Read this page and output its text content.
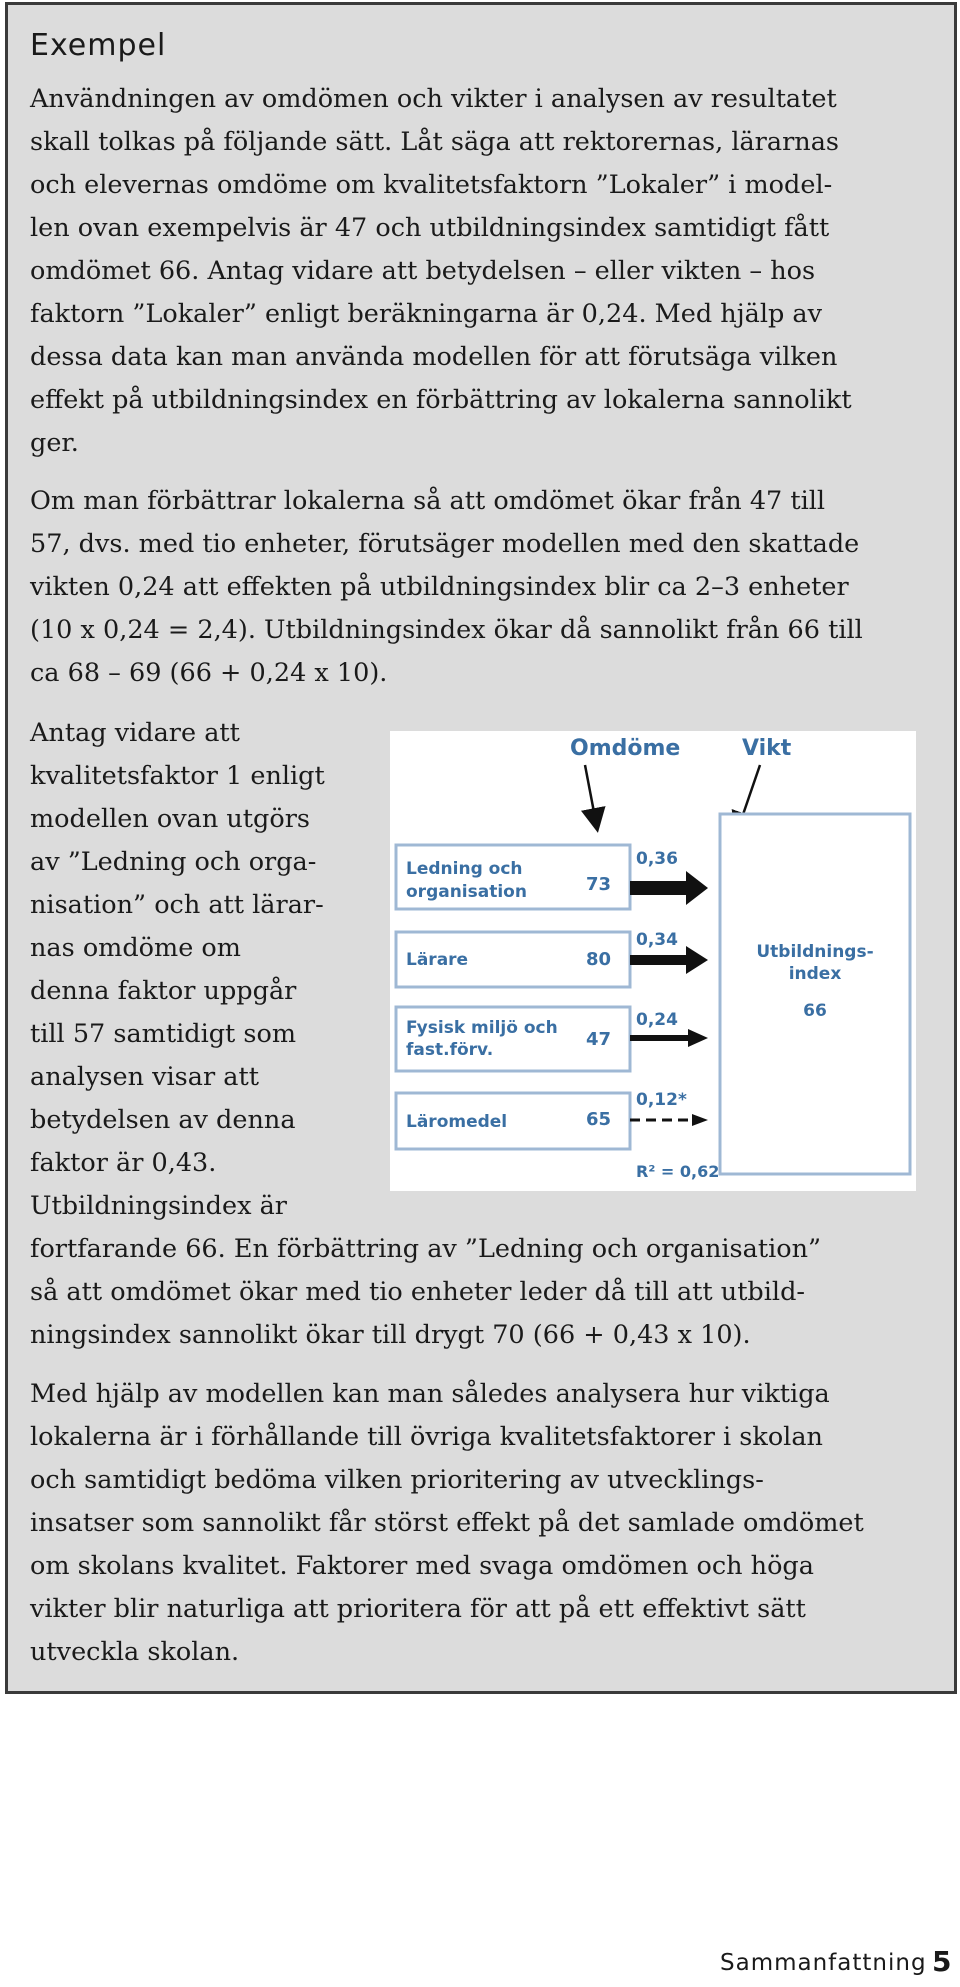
Exempel
Användningen av omdömen och vikter i analysen av resultatet
skall tolkas på följande sätt. Låt säga att rektorernas, lärarnas
och elevernas omdöme om kvalitetsfaktorn ”Lokaler” i model-
len ovan exempelvis är 47 och utbildningsindex samtidigt fått
omdömet 66. Antag vidare att betydelsen – eller vikten – hos
faktorn ”Lokaler” enligt beräkningarna är 0,24. Med hjälp av
dessa data kan man använda modellen för att förutsäga vilken
effekt på utbildningsindex en förbättring av lokalerna sannolikt
ger.
Om man förbättrar lokalerna så att omdömet ökar från 47 till
57, dvs. med tio enheter, förutsäger modellen med den skattade
vikten 0,24 att effekten på utbildningsindex blir ca 2–3 enheter
(10 x 0,24 = 2,4). Utbildningsindex ökar då sannolikt från 66 till
ca 68 – 69 (66 + 0,24 x 10).
Antag vidare att
kvalitetsfaktor 1 enligt
modellen ovan utgörs
av ”Ledning och orga-
nisation” och att lärar-
nas omdöme om
denna faktor uppgår
till 57 samtidigt som
analysen visar att
betydelsen av denna
faktor är 0,43.
Utbildningsindex är
fortfarande 66. En förbättring av ”Ledning och organisation”
så att omdömet ökar med tio enheter leder då till att utbild-
ningsindex sannolikt ökar till drygt 70 (66 + 0,43 x 10).
Med hjälp av modellen kan man således analysera hur viktiga
lokalerna är i förhållande till övriga kvalitetsfaktorer i skolan
och samtidigt bedöma vilken prioritering av utvecklings-
insatser som sannolikt får störst effekt på det samlade omdömet
om skolans kvalitet. Faktorer med svaga omdömen och höga
vikter blir naturliga att prioritera för att på ett effektivt sätt
utveckla skolan.
Omdöme	Vikt
Ledning och
organisation
Lärare
Fysisk miljö och
fast.förv.
Läromedel
73
80
47
65
0,36
0,34
0,24
0,12*
Utbildnings-
index
66
R² = 0,62
Sammanfattning 5
